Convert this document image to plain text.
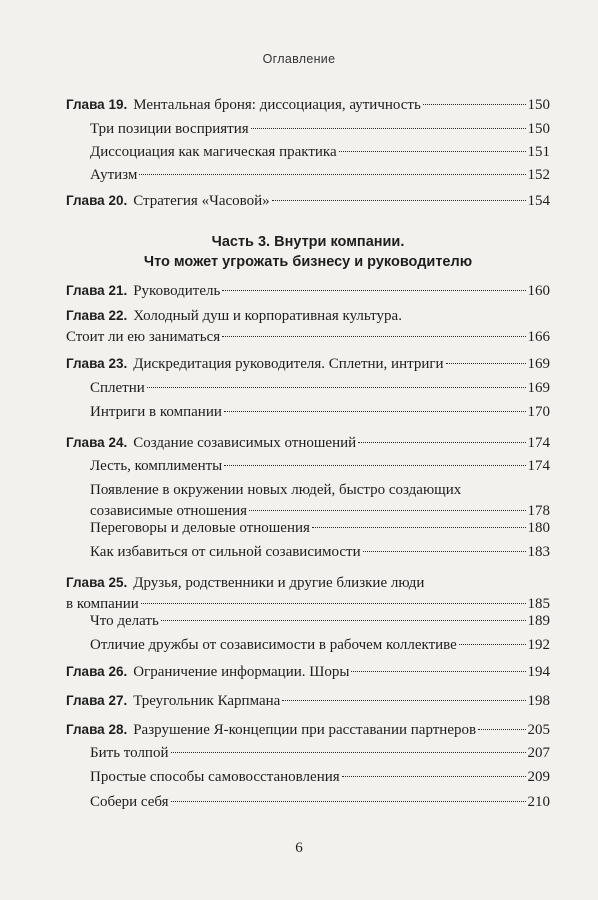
Оглавление
Часть 3. Внутри компании.
Что может угрожать бизнесу и руководителю
Глава 19. Ментальная броня: диссоциация, аутичность	150
Три позиции восприятия	150
Диссоциация как магическая практика	151
Аутизм	152
Глава 20. Стратегия «Часовой»	154
Глава 21. Руководитель	160
Глава 22. Холодный душ и корпоративная культура.
Стоит ли ею заниматься	166
Глава 23. Дискредитация руководителя. Сплетни, интриги	169
Сплетни	169
Интриги в компании	170
Глава 24. Создание созависимых отношений	174
Лесть, комплименты	174
Появление в окружении новых людей, быстро создающих
созависимые отношения	178
Переговоры и деловые отношения	180
Как избавиться от сильной созависимости	183
Глава 25. Друзья, родственники и другие близкие люди
в компании	185
Что делать	189
Отличие дружбы от созависимости в рабочем коллективе	192
Глава 26. Ограничение информации. Шоры	194
Глава 27. Треугольник Карпмана	198
Глава 28. Разрушение Я-концепции при расставании партнеров	205
Бить толпой	207
Простые способы самовосстановления	209
Собери себя	210
6
